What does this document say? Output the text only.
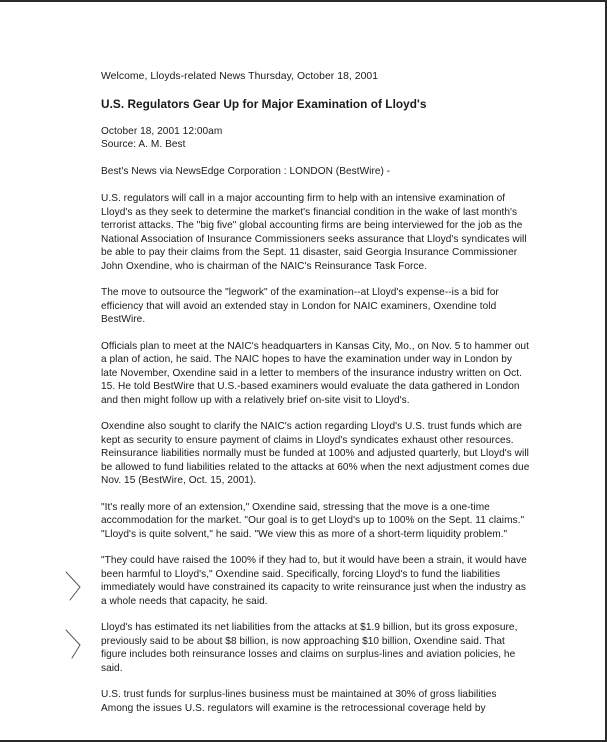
Welcome, Lloyds-related News Thursday, October 18, 2001
U.S. Regulators Gear Up for Major Examination of Lloyd's
October 18, 2001 12:00am
Source: A. M. Best
Best's News via NewsEdge Corporation : LONDON (BestWire) -

U.S. regulators will call in a major accounting firm to help with an intensive examination of Lloyd's as they seek to determine the market's financial condition in the wake of last month's terrorist attacks. The "big five" global accounting firms are being interviewed for the job as the National Association of Insurance Commissioners seeks assurance that Lloyd's syndicates will be able to pay their claims from the Sept. 11 disaster, said Georgia Insurance Commissioner John Oxendine, who is chairman of the NAIC's Reinsurance Task Force.

The move to outsource the "legwork" of the examination--at Lloyd's expense--is a bid for efficiency that will avoid an extended stay in London for NAIC examiners, Oxendine told BestWire.

Officials plan to meet at the NAIC's headquarters in Kansas City, Mo., on Nov. 5 to hammer out a plan of action, he said. The NAIC hopes to have the examination under way in London by late November, Oxendine said in a letter to members of the insurance industry written on Oct. 15. He told BestWire that U.S.-based examiners would evaluate the data gathered in London and then might follow up with a relatively brief on-site visit to Lloyd's.

Oxendine also sought to clarify the NAIC's action regarding Lloyd's U.S. trust funds which are kept as security to ensure payment of claims in Lloyd's syndicates exhaust other resources. Reinsurance liabilities normally must be funded at 100% and adjusted quarterly, but Lloyd's will be allowed to fund liabilities related to the attacks at 60% when the next adjustment comes due Nov. 15 (BestWire, Oct. 15, 2001).

"It's really more of an extension," Oxendine said, stressing that the move is a one-time accommodation for the market. "Our goal is to get Lloyd's up to 100% on the Sept. 11 claims." "Lloyd's is quite solvent," he said. "We view this as more of a short-term liquidity problem."

"They could have raised the 100% if they had to, but it would have been a strain, it would have been harmful to Lloyd's," Oxendine said. Specifically, forcing Lloyd's to fund the liabilities immediately would have constrained its capacity to write reinsurance just when the industry as a whole needs that capacity, he said.

Lloyd's has estimated its net liabilities from the attacks at $1.9 billion, but its gross exposure, previously said to be about $8 billion, is now approaching $10 billion, Oxendine said. That figure includes both reinsurance losses and claims on surplus-lines and aviation policies, he said.

U.S. trust funds for surplus-lines business must be maintained at 30% of gross liabilities Among the issues U.S. regulators will examine is the retrocessional coverage held by
